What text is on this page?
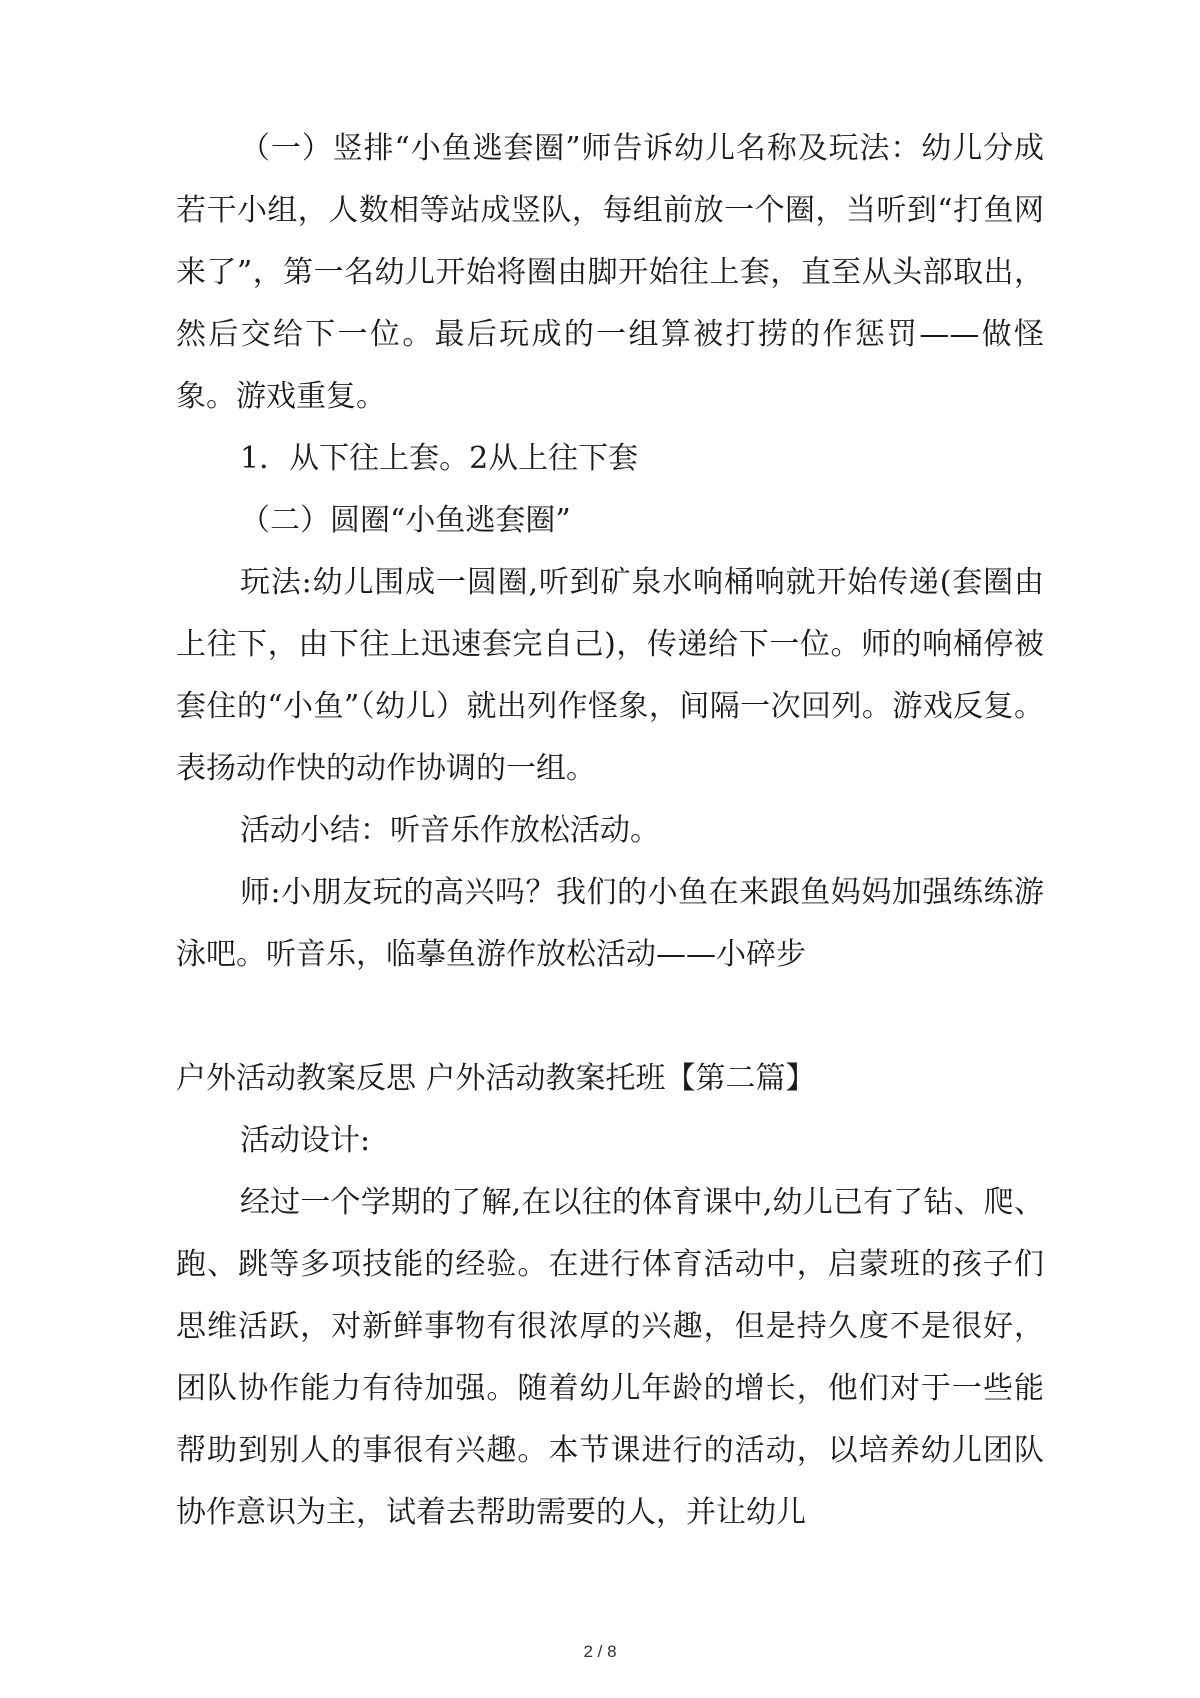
（一）竖排“小鱼逃套圈”师告诉幼儿名称及玩法：幼儿分成若干小组，人数相等站成竖队，每组前放一个圈，当听到“打鱼网来了”，第一名幼儿开始将圈由脚开始往上套，直至从头部取出，然后交给下一位。最后玩成的一组算被打捞的作惩罚——做怪象。游戏重复。

1．从下往上套。2从上往下套

（二）圆圈“小鱼逃套圈”

玩法:幼儿围成一圆圈,听到矿泉水响桶响就开始传递(套圈由上往下，由下往上迅速套完自己)，传递给下一位。师的响桶停被套住的“小鱼”（幼儿）就出列作怪象，间隔一次回列。游戏反复。表扬动作快的动作协调的一组。

活动小结：听音乐作放松活动。

师:小朋友玩的高兴吗？我们的小鱼在来跟鱼妈妈加强练练游泳吧。听音乐，临摹鱼游作放松活动——小碎步

户外活动教案反思 户外活动教案托班【第二篇】

活动设计:

经过一个学期的了解,在以往的体育课中,幼儿已有了钻、爬、跑、跳等多项技能的经验。在进行体育活动中，启蒙班的孩子们思维活跃，对新鲜事物有很浓厚的兴趣，但是持久度不是很好，团队协作能力有待加强。随着幼儿年龄的增长，他们对于一些能帮助到别人的事很有兴趣。本节课进行的活动，以培养幼儿团队协作意识为主，试着去帮助需要的人，并让幼儿

2 / 8
